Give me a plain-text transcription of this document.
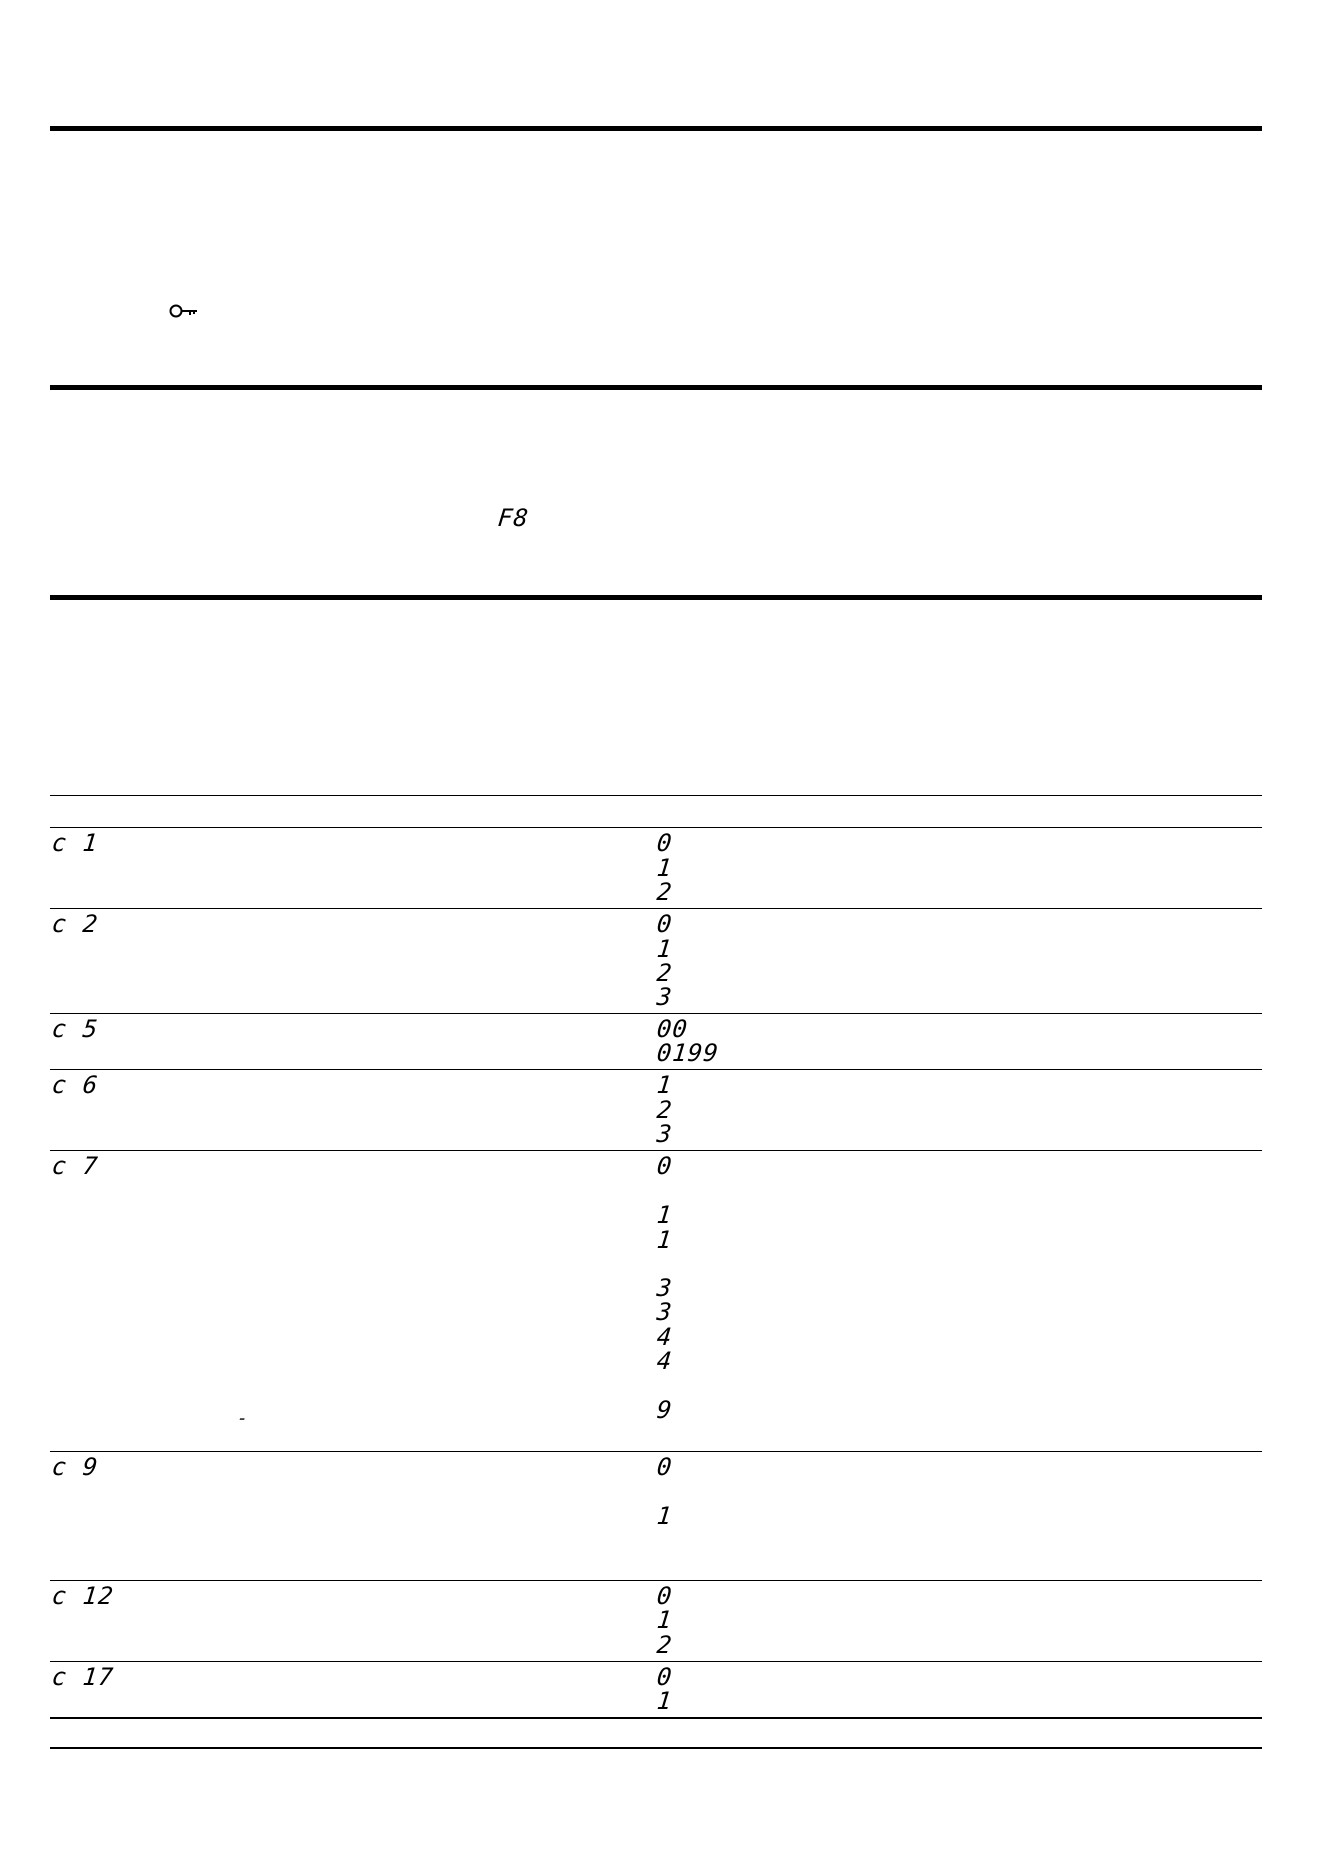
F8
c 1	0
1
2
c 2	0
1
2
3
c 5	00
0199
c 6	1
2
3
c 7	0
1
1
3
3
4
4
9
-
c 9	0
1
c 12	0
1
2
c 17	0
1
